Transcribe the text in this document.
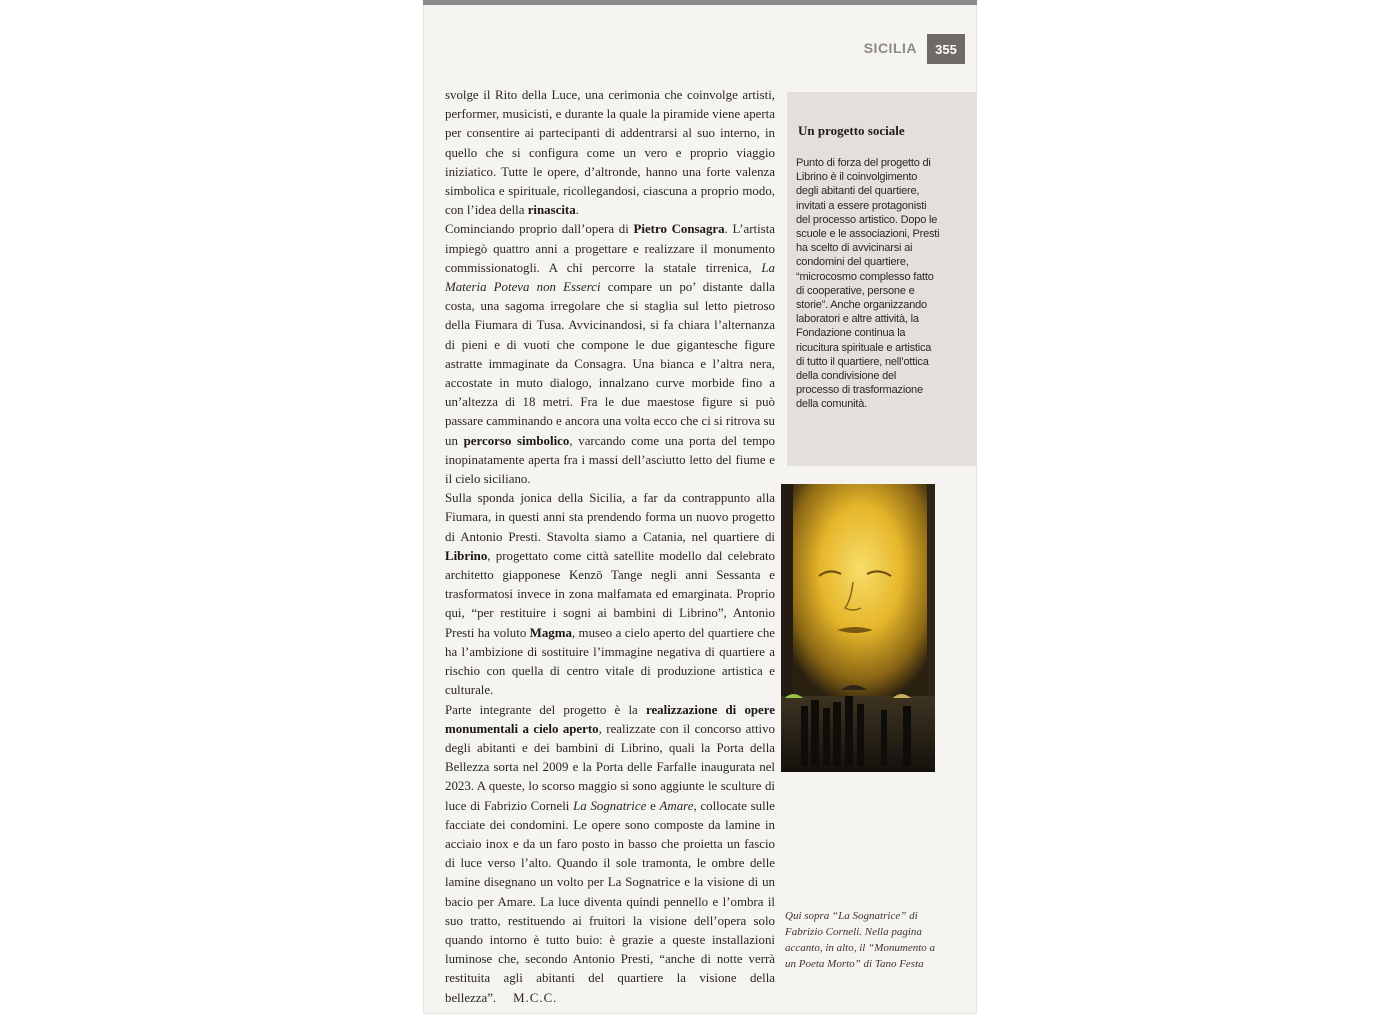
SICILIA	355

svolge il Rito della Luce, una cerimonia che coinvolge artisti, performer, musicisti, e durante la quale la piramide viene aperta per consentire ai partecipanti di addentrarsi al suo interno, in quello che si configura come un vero e proprio viaggio iniziatico. Tutte le opere, d’altronde, hanno una forte valenza simbolica e spirituale, ricollegandosi, ciascuna a proprio modo, con l’idea della rinascita.

Cominciando proprio dall’opera di Pietro Consagra. L’artista impiegò quattro anni a progettare e realizzare il monumento commissionatogli. A chi percorre la statale tirrenica, La Materia Poteva non Esserci compare un po’ distante dalla costa, una sagoma irregolare che si staglia sul letto pietroso della Fiumara di Tusa. Avvicinandosi, si fa chiara l’alternanza di pieni e di vuoti che compone le due gigantesche figure astratte immaginate da Consagra. Una bianca e l’altra nera, accostate in muto dialogo, innalzano curve morbide fino a un’altezza di 18 metri. Fra le due maestose figure si può passare camminando e ancora una volta ecco che ci si ritrova su un percorso simbolico, varcando come una porta del tempo inopinatamente aperta fra i massi dell’asciutto letto del fiume e il cielo siciliano.

Sulla sponda jonica della Sicilia, a far da contrappunto alla Fiumara, in questi anni sta prendendo forma un nuovo progetto di Antonio Presti. Stavolta siamo a Catania, nel quartiere di Librino, progettato come città satellite modello dal celebrato architetto giapponese Kenzō Tange negli anni Sessanta e trasformatosi invece in zona malfamata ed emarginata. Proprio qui, “per restituire i sogni ai bambini di Librino”, Antonio Presti ha voluto Magma, museo a cielo aperto del quartiere che ha l’ambizione di sostituire l’immagine negativa di quartiere a rischio con quella di centro vitale di produzione artistica e culturale.

Parte integrante del progetto è la realizzazione di opere monumentali a cielo aperto, realizzate con il concorso attivo degli abitanti e dei bambini di Librino, quali la Porta della Bellezza sorta nel 2009 e la Porta delle Farfalle inaugurata nel 2023. A queste, lo scorso maggio si sono aggiunte le sculture di luce di Fabrizio Corneli La Sognatrice e Amare, collocate sulle facciate dei condomini. Le opere sono composte da lamine in acciaio inox e da un faro posto in basso che proietta un fascio di luce verso l’alto. Quando il sole tramonta, le ombre delle lamine disegnano un volto per La Sognatrice e la visione di un bacio per Amare. La luce diventa quindi pennello e l’ombra il suo tratto, restituendo ai fruitori la visione dell’opera solo quando intorno è tutto buio: è grazie a queste installazioni luminose che, secondo Antonio Presti, “anche di notte verrà restituita agli abitanti del quartiere la visione della bellezza”.    M.C.C.

Un progetto sociale
Punto di forza del progetto di Librino è il coinvolgimento degli abitanti del quartiere, invitati a essere protagonisti del processo artistico. Dopo le scuole e le associazioni, Presti ha scelto di avvicinarsi ai condomini del quartiere, “microcosmo complesso fatto di cooperative, persone e storie”. Anche organizzando laboratori e altre attività, la Fondazione continua la ricucitura spirituale e artistica di tutto il quartiere, nell’ottica della condivisione del processo di trasformazione della comunità.
Qui sopra “La Sognatrice” di Fabrizio Corneli. Nella pagina accanto, in alto, il “Monumento a un Poeta Morto” di Tano Festa
